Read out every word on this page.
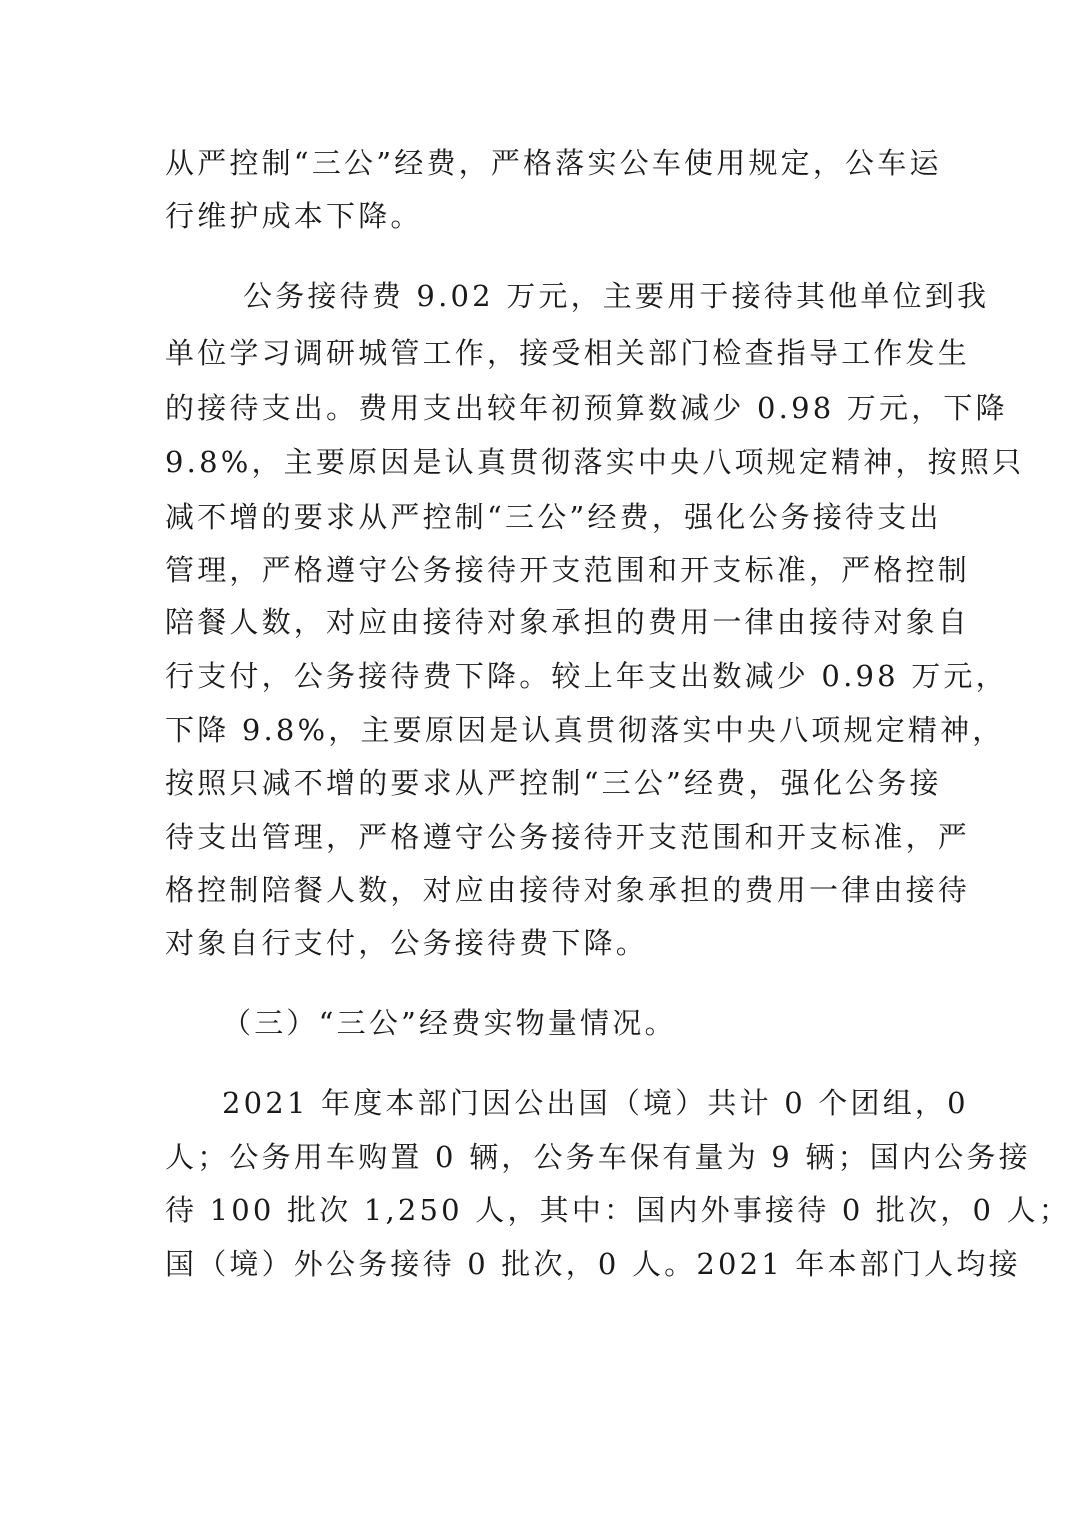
从严控制“三公”经费，严格落实公车使用规定，公车运

行维护成本下降。

公务接待费 9.02 万元，主要用于接待其他单位到我

单位学习调研城管工作，接受相关部门检查指导工作发生

的接待支出。费用支出较年初预算数减少 0.98 万元，下降

9.8%，主要原因是认真贯彻落实中央八项规定精神，按照只

减不增的要求从严控制“三公”经费，强化公务接待支出

管理，严格遵守公务接待开支范围和开支标准，严格控制

陪餐人数，对应由接待对象承担的费用一律由接待对象自

行支付，公务接待费下降。较上年支出数减少 0.98 万元，

下降 9.8%，主要原因是认真贯彻落实中央八项规定精神，

按照只减不增的要求从严控制“三公”经费，强化公务接

待支出管理，严格遵守公务接待开支范围和开支标准，严

格控制陪餐人数，对应由接待对象承担的费用一律由接待

对象自行支付，公务接待费下降。

（三）“三公”经费实物量情况。

2021 年度本部门因公出国（境）共计 0 个团组，0

人；公务用车购置 0 辆，公务车保有量为 9 辆；国内公务接

待 100 批次 1,250 人，其中：国内外事接待 0 批次，0 人；

国（境）外公务接待 0 批次，0 人。2021 年本部门人均接
